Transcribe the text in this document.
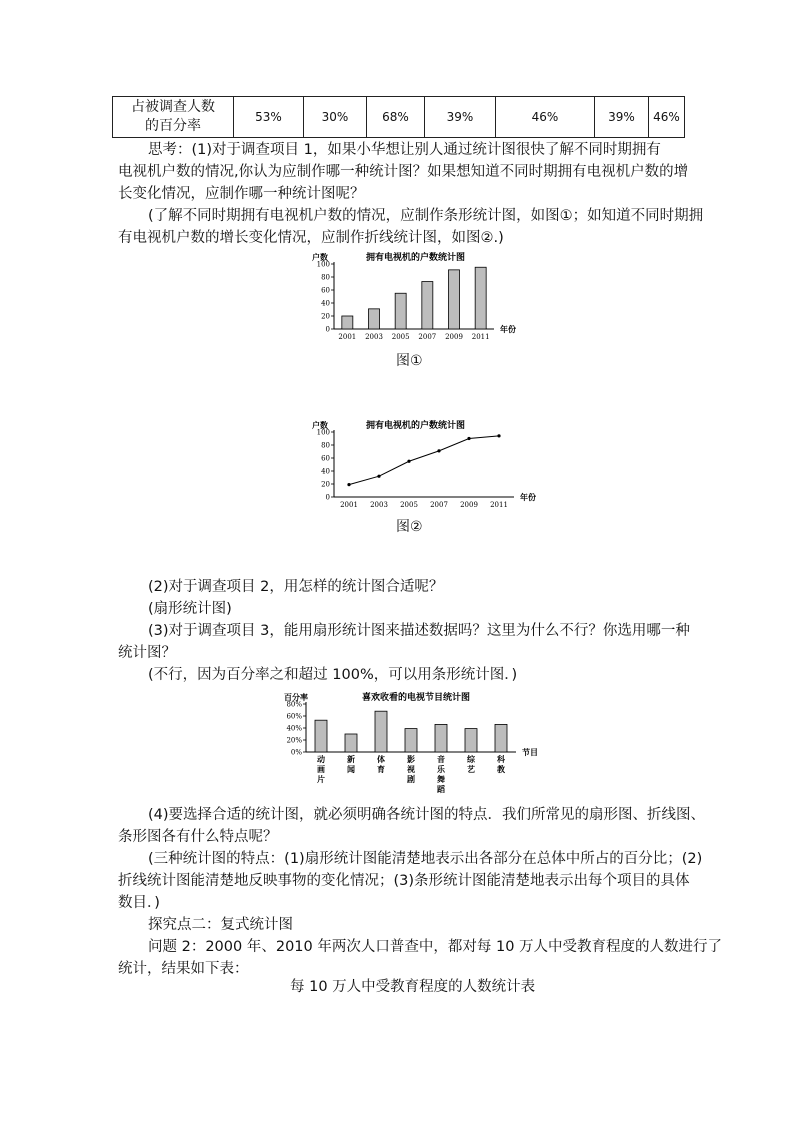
占被调查人数
的百分率
	53%	30%	68%	39%	46%	39%	46%
思考：(1)对于调查项目 1，如果小华想让别人通过统计图很快了解不同时期拥有
电视机户数的情况,你认为应制作哪一种统计图？如果想知道不同时期拥有电视机户数的增
长变化情况，应制作哪一种统计图呢？
(了解不同时期拥有电视机户数的情况，应制作条形统计图，如图①；如知道不同时期拥
有电视机户数的增长变化情况，应制作折线统计图，如图②.)
户数	拥有电视机的户数统计图
年份
0
20
40
60
80
100
2001 2003 2005 2007 2009 2011
图①
户数	拥有电视机的户数统计图
年份
0
20
40
60
80
100
2001 2003 2005 2007 2009 2011
图②
(2)对于调查项目 2，用怎样的统计图合适呢？
(扇形统计图)
(3)对于调查项目 3，能用扇形统计图来描述数据吗？这里为什么不行？你选用哪一种
统计图？
(不行，因为百分率之和超过 100%，可以用条形统计图．)
百分率	喜欢收看的电视节目统计图
节目
0%
20%
40%
60%
80%
动
画
片
新
闻
体
育
影
视
剧
音
乐
舞
蹈
综
艺
科
教
(4)要选择合适的统计图，就必须明确各统计图的特点．我们所常见的扇形图、折线图、
条形图各有什么特点呢？
(三种统计图的特点：(1)扇形统计图能清楚地表示出各部分在总体中所占的百分比；(2)
折线统计图能清楚地反映事物的变化情况；(3)条形统计图能清楚地表示出每个项目的具体
数目．)
探究点二：复式统计图
问题 2：2000 年、2010 年两次人口普查中，都对每 10 万人中受教育程度的人数进行了
统计，结果如下表：
每 10 万人中受教育程度的人数统计表
